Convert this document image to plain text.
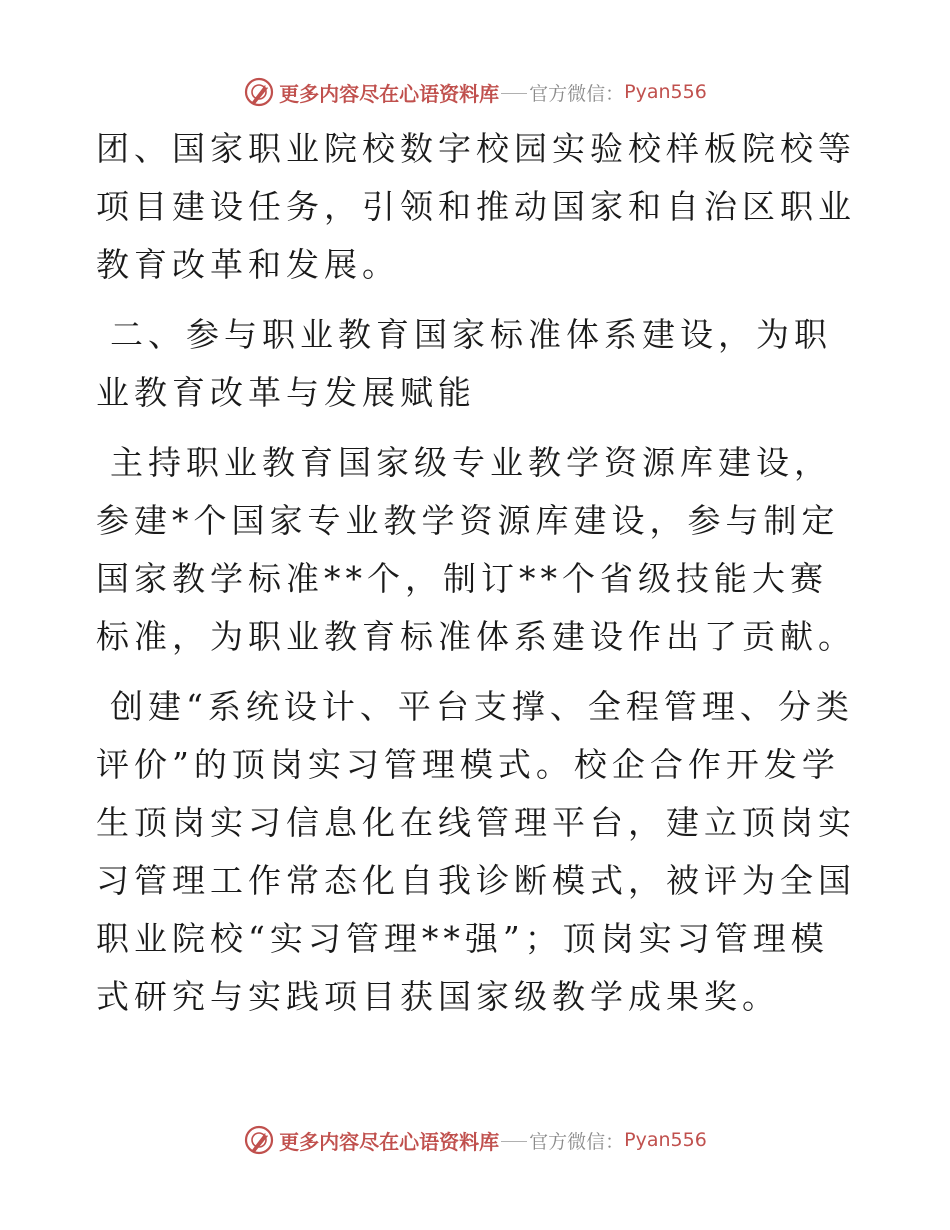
更多内容尽在心语资料库 官方微信： Pyan556

团、国家职业院校数字校园实验校样板院校等项目建设任务，引领和推动国家和自治区职业教育改革和发展。

二、参与职业教育国家标准体系建设，为职业教育改革与发展赋能

主持职业教育国家级专业教学资源库建设，参建*个国家专业教学资源库建设，参与制定国家教学标准**个，制订**个省级技能大赛标准，为职业教育标准体系建设作出了贡献。

创建“系统设计、平台支撑、全程管理、分类评价”的顶岗实习管理模式。校企合作开发学生顶岗实习信息化在线管理平台，建立顶岗实习管理工作常态化自我诊断模式，被评为全国职业院校“实习管理**强”；顶岗实习管理模式研究与实践项目获国家级教学成果奖。

更多内容尽在心语资料库 官方微信： Pyan556
